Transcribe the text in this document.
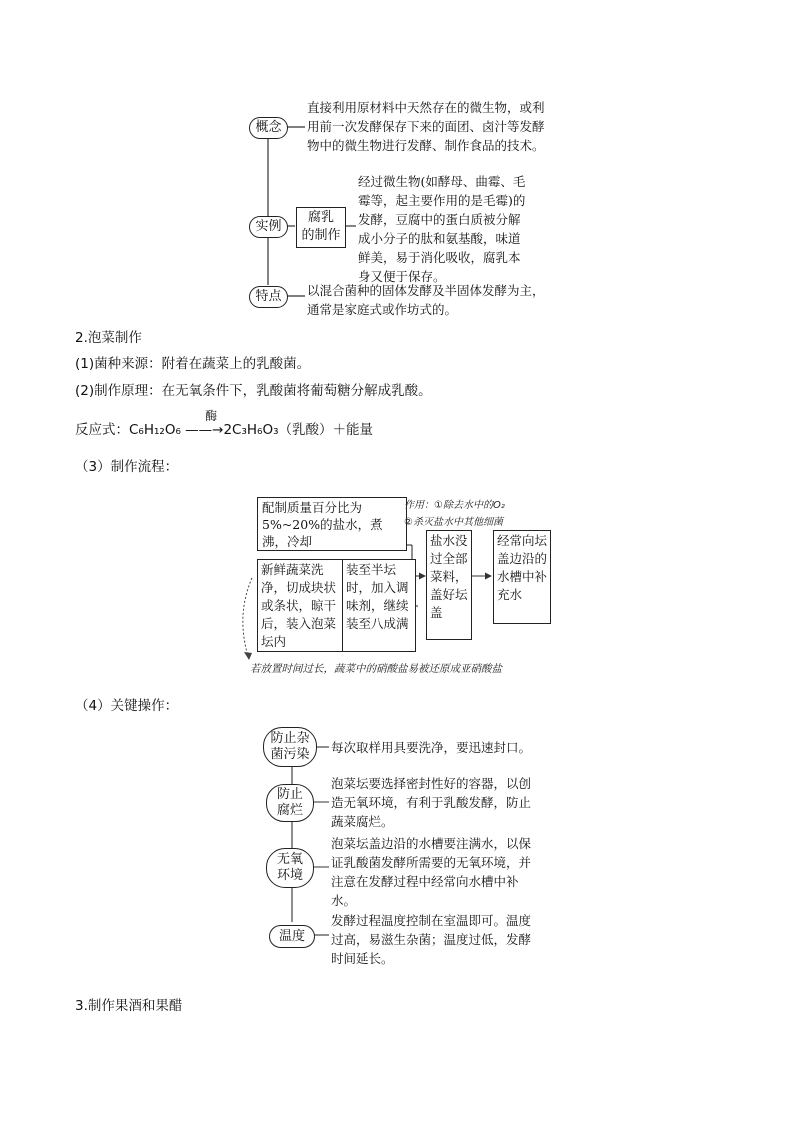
概念
直接利用原材料中天然存在的微生物，或利用前一次发酵保存下来的面团、卤汁等发酵物中的微生物进行发酵、制作食品的技术。
实例
腐乳
的制作
经过微生物(如酵母、曲霉、毛
霉等，起主要作用的是毛霉)的
发酵，豆腐中的蛋白质被分解
成小分子的肽和氨基酸，味道
鲜美，易于消化吸收，腐乳本
身又便于保存。
特点 以混合菌种的固体发酵及半固体发酵为主，通常是家庭式或作坊式的。
2.泡菜制作
(1)菌种来源：附着在蔬菜上的乳酸菌。
(2)制作原理：在无氧条件下，乳酸菌将葡萄糖分解成乳酸。
反应式：C₆H₁₂O₆
酶
——→2C₃H₆O₃（乳酸）＋能量
（3）制作流程：
配制质量百分比为5%~20%的盐水，煮沸，冷却
作用：①除去水中的O₂
②杀灭盐水中其他细菌
新鲜蔬菜洗净，切成块状或条状，晾干后，装入泡菜坛内
装至半坛时，加入调味剂，继续装至八成满
盐水没过全部菜料，盖好坛盖
经常向坛盖边沿的水槽中补充水
若放置时间过长，蔬菜中的硝酸盐易被还原成亚硝酸盐
（4）关键操作：
防止杂
菌污染 每次取样用具要洗净，要迅速封口。
防止
腐烂
泡菜坛要选择密封性好的容器，以创造无氧环境，有利于乳酸发酵，防止蔬菜腐烂。
无氧
环境
泡菜坛盖边沿的水槽要注满水，以保证乳酸菌发酵所需要的无氧环境，并注意在发酵过程中经常向水槽中补水。
温度
发酵过程温度控制在室温即可。温度过高，易滋生杂菌；温度过低，发酵时间延长。
3.制作果酒和果醋
